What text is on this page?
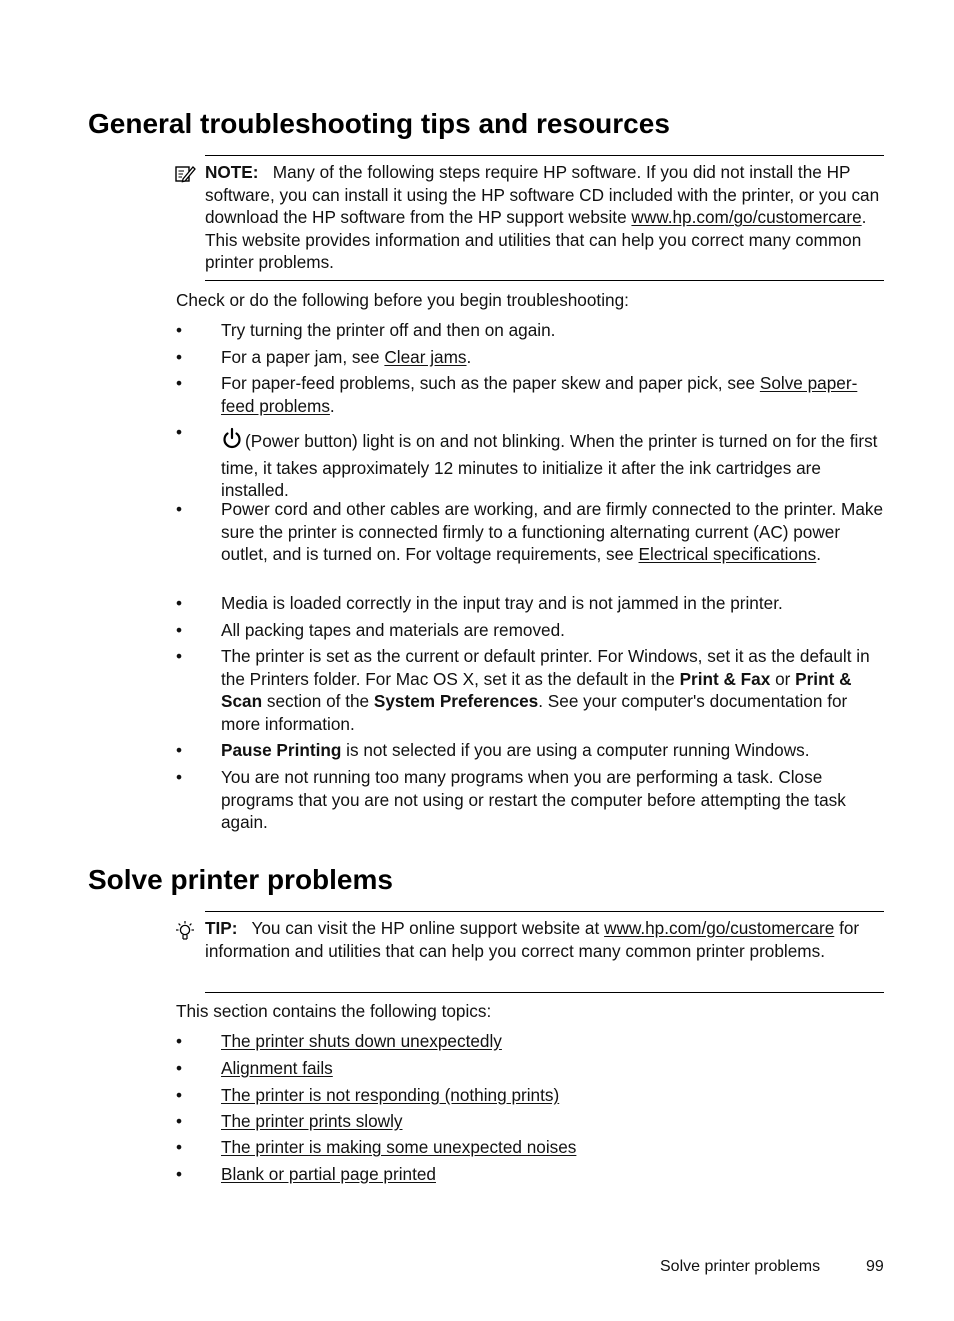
General troubleshooting tips and resources

NOTE: Many of the following steps require HP software. If you did not install the HP software, you can install it using the HP software CD included with the printer, or you can download the HP software from the HP support website www.hp.com/go/customercare. This website provides information and utilities that can help you correct many common printer problems.

Check or do the following before you begin troubleshooting:

• Try turning the printer off and then on again.
• For a paper jam, see Clear jams.
• For paper-feed problems, such as the paper skew and paper pick, see Solve paper-feed problems.
•	(Power button) light is on and not blinking. When the printer is turned on for the first time, it takes approximately 12 minutes to initialize it after the ink cartridges are installed.
• Power cord and other cables are working, and are firmly connected to the printer. Make sure the printer is connected firmly to a functioning alternating current (AC) power outlet, and is turned on. For voltage requirements, see Electrical specifications.
• Media is loaded correctly in the input tray and is not jammed in the printer.
• All packing tapes and materials are removed.
• The printer is set as the current or default printer. For Windows, set it as the default in the Printers folder. For Mac OS X, set it as the default in the Print & Fax or Print & Scan section of the System Preferences. See your computer's documentation for more information.
• Pause Printing is not selected if you are using a computer running Windows.
• You are not running too many programs when you are performing a task. Close programs that you are not using or restart the computer before attempting the task again.
Solve printer problems

TIP: You can visit the HP online support website at www.hp.com/go/customercare for information and utilities that can help you correct many common printer problems.

This section contains the following topics:

• The printer shuts down unexpectedly
• Alignment fails
• The printer is not responding (nothing prints)
• The printer prints slowly
• The printer is making some unexpected noises
• Blank or partial page printed
Solve printer problems	99
